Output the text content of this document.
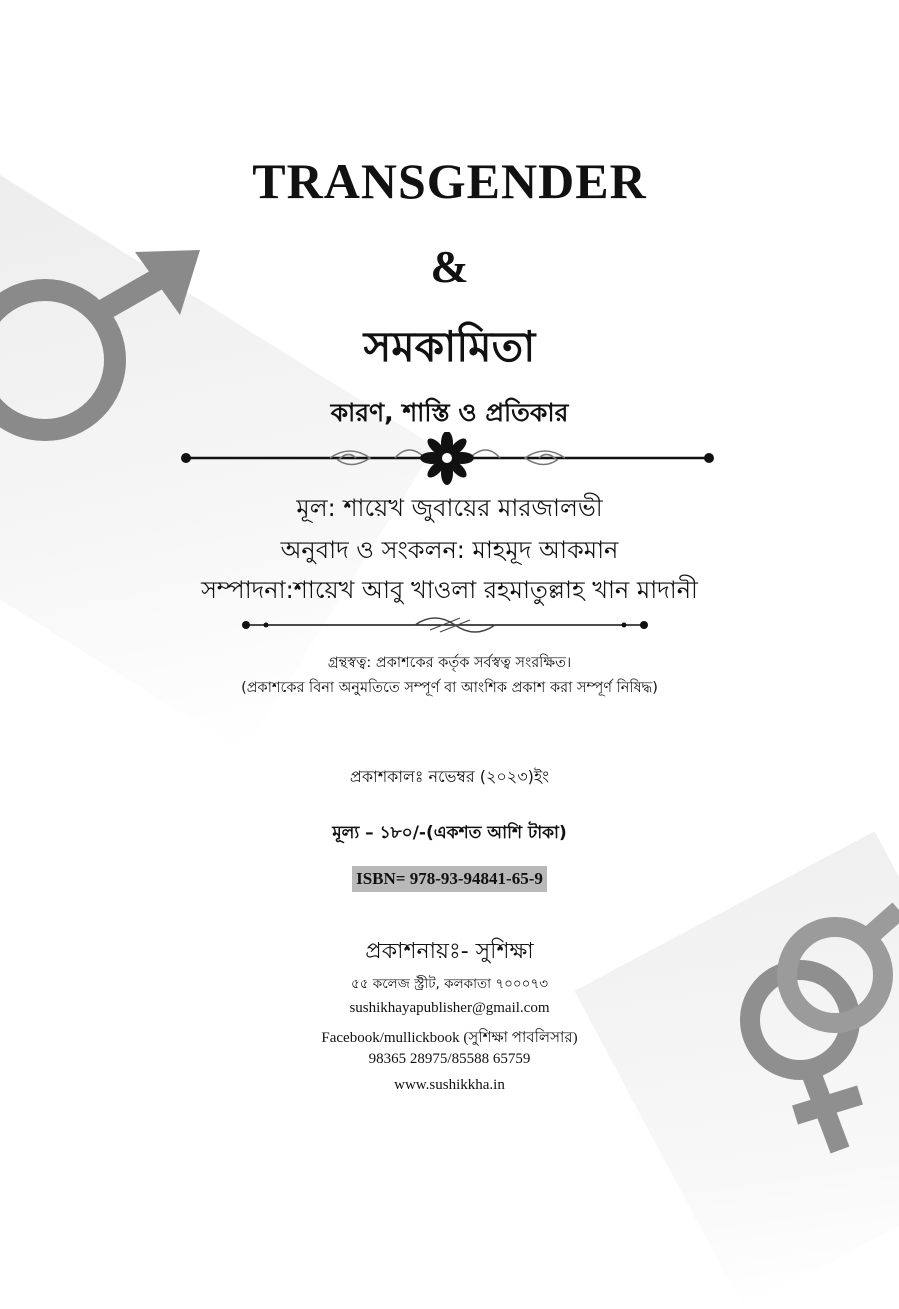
TRANSGENDER
&
সমকামিতা
কারণ, শাস্তি ও প্রতিকার
মূল: শায়েখ জুবায়ের মারজালভী
অনুবাদ ও সংকলন: মাহমূদ আকমান
সম্পাদনা:শায়েখ আবু খাওলা রহমাতুল্লাহ খান মাদানী
গ্রন্থস্বত্ব: প্রকাশকের কর্তৃক সর্বস্বত্ব সংরক্ষিত।
(প্রকাশকের বিনা অনুমতিতে সম্পূর্ণ বা আংশিক প্রকাশ করা সম্পূর্ণ নিষিদ্ধ)
প্রকাশকালঃ নভেম্বর (২০২৩)ইং
মূল্য – ১৮০/-(একশত আশি টাকা)
ISBN= 978-93-94841-65-9
প্রকাশনায়ঃ- সুশিক্ষা
৫৫ কলেজ স্ট্রীট, কলকাতা ৭০০০৭৩
sushikhayapublisher@gmail.com
Facebook/mullickbook (সুশিক্ষা পাবলিসার)
98365 28975/85588 65759
www.sushikkha.in
